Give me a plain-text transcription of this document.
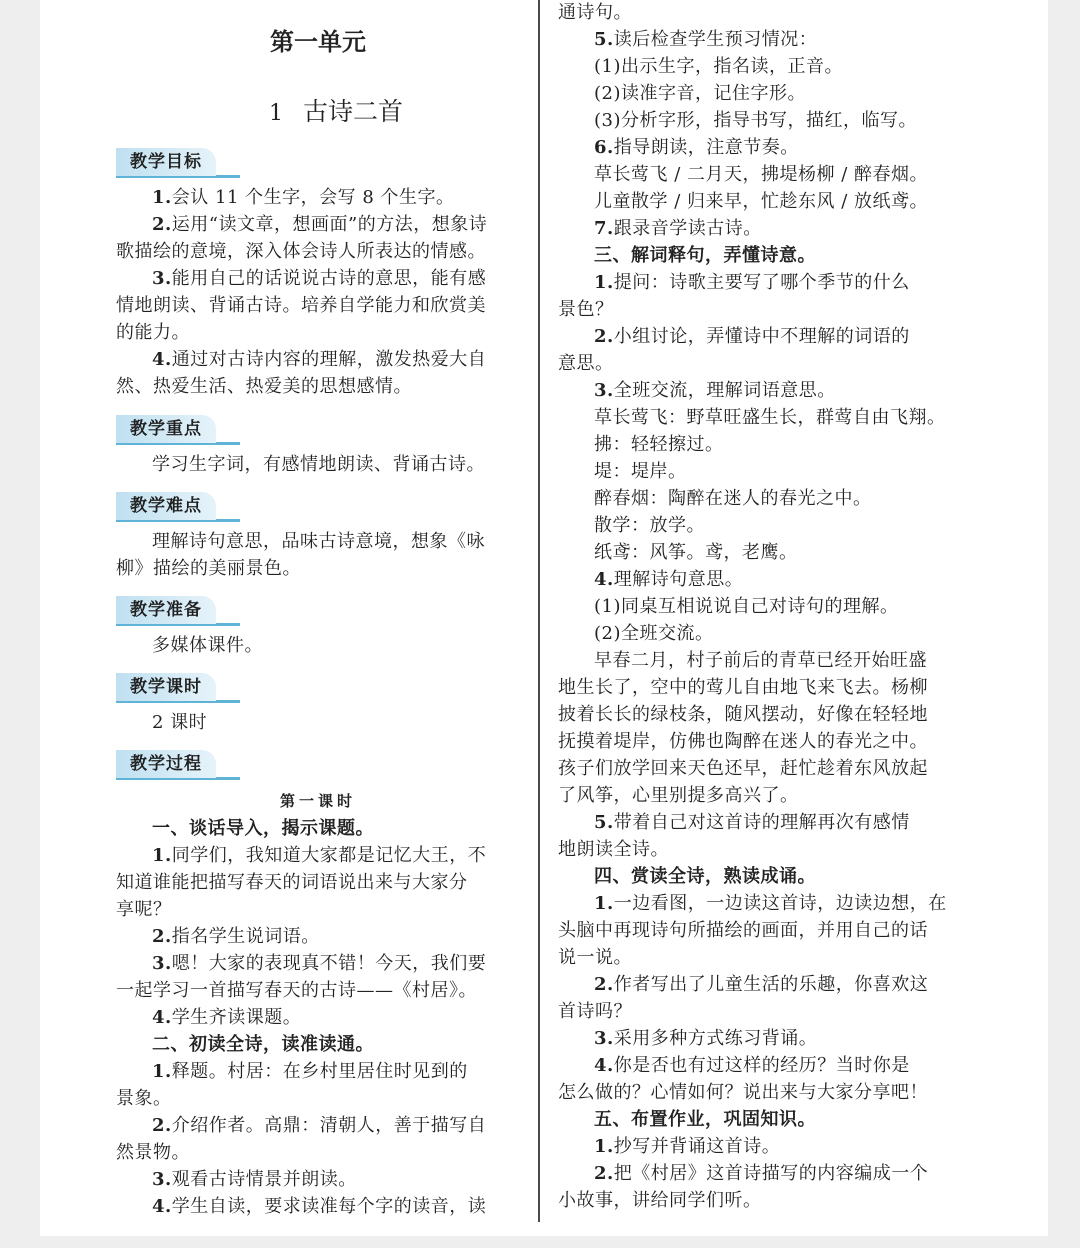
第一单元
1 古诗二首
教学目标
1.会认 11 个生字，会写 8 个生字。
2.运用“读文章，想画面”的方法，想象诗
歌描绘的意境，深入体会诗人所表达的情感。
3.能用自己的话说说古诗的意思，能有感
情地朗读、背诵古诗。培养自学能力和欣赏美
的能力。
4.通过对古诗内容的理解，激发热爱大自
然、热爱生活、热爱美的思想感情。
教学重点
学习生字词，有感情地朗读、背诵古诗。
教学难点
理解诗句意思，品味古诗意境，想象《咏
柳》描绘的美丽景色。
教学准备
多媒体课件。
教学课时
2 课时
教学过程
第一课时
一、谈话导入，揭示课题。
1.同学们，我知道大家都是记忆大王，不
知道谁能把描写春天的词语说出来与大家分
享呢？
2.指名学生说词语。
3.嗯！大家的表现真不错！今天，我们要
一起学习一首描写春天的古诗——《村居》。
4.学生齐读课题。
二、初读全诗，读准读通。
1.释题。村居：在乡村里居住时见到的
景象。
2.介绍作者。高鼎：清朝人，善于描写自
然景物。
3.观看古诗情景并朗读。
4.学生自读，要求读准每个字的读音，读
通诗句。
5.读后检查学生预习情况：
(1)出示生字，指名读，正音。
(2)读准字音，记住字形。
(3)分析字形，指导书写，描红，临写。
6.指导朗读，注意节奏。
草长莺飞 / 二月天，拂堤杨柳 / 醉春烟。
儿童散学 / 归来早，忙趁东风 / 放纸鸢。
7.跟录音学读古诗。
三、解词释句，弄懂诗意。
1.提问：诗歌主要写了哪个季节的什么
景色？
2.小组讨论，弄懂诗中不理解的词语的
意思。
3.全班交流，理解词语意思。
草长莺飞：野草旺盛生长，群莺自由飞翔。
拂：轻轻擦过。
堤：堤岸。
醉春烟：陶醉在迷人的春光之中。
散学：放学。
纸鸢：风筝。鸢，老鹰。
4.理解诗句意思。
(1)同桌互相说说自己对诗句的理解。
(2)全班交流。
早春二月，村子前后的青草已经开始旺盛
地生长了，空中的莺儿自由地飞来飞去。杨柳
披着长长的绿枝条，随风摆动，好像在轻轻地
抚摸着堤岸，仿佛也陶醉在迷人的春光之中。
孩子们放学回来天色还早，赶忙趁着东风放起
了风筝，心里别提多高兴了。
5.带着自己对这首诗的理解再次有感情
地朗读全诗。
四、赏读全诗，熟读成诵。
1.一边看图，一边读这首诗，边读边想，在
头脑中再现诗句所描绘的画面，并用自己的话
说一说。
2.作者写出了儿童生活的乐趣，你喜欢这
首诗吗？
3.采用多种方式练习背诵。
4.你是否也有过这样的经历？当时你是
怎么做的？心情如何？说出来与大家分享吧！
五、布置作业，巩固知识。
1.抄写并背诵这首诗。
2.把《村居》这首诗描写的内容编成一个
小故事，讲给同学们听。
